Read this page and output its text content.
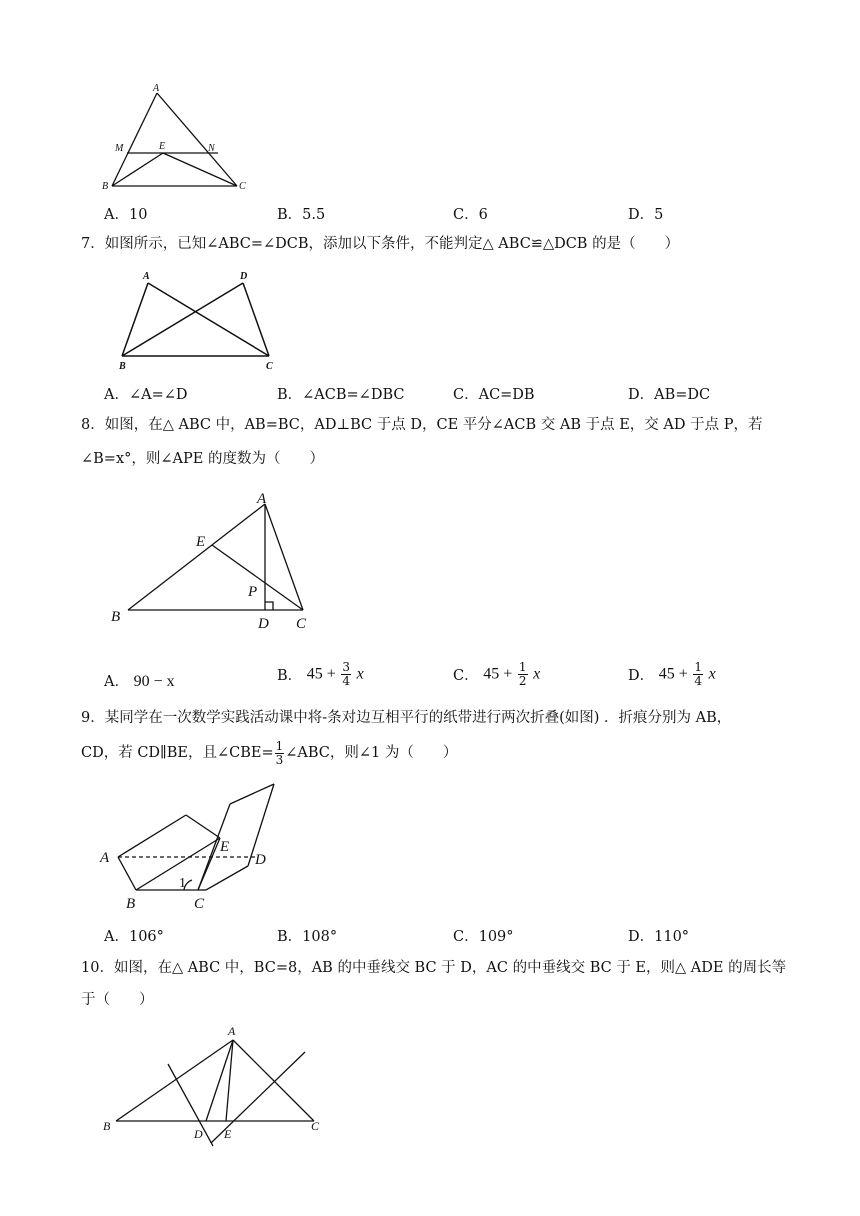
A
M	E	N
B	C
A．10	B．5.5	C．6	D．5
7．如图所示，已知∠ABC=∠DCB，添加以下条件，不能判定△ ABC≌△DCB 的是（　　）
A	D
B	C
A．∠A=∠D	B．∠ACB=∠DBC	C．AC=DB	D．AB=DC
8．如图，在△ ABC 中，AB=BC，AD⊥BC 于点 D，CE 平分∠ACB 交 AB 于点 E，交 AD 于点 P，若
∠B=x°，则∠APE 的度数为（　　）
A
E
P
B	D C
A． 90 − x	B． $45 + \frac{3}{4}$ x	C． $45 + \frac{1}{2}$ x	D． $45 + \frac{1}{4}$ x
9．某同学在一次数学实践活动课中将-条对边互相平行的纸带进行两次折叠(如图) ．折痕分别为 AB，
CD，若 CD∥BE，且∠CBE= $\frac{1}{3}$ ∠ABC，则∠1 为（　　）
A
E
D
1
B	C
A．106°	B．108°	C．109°	D．110°
10．如图，在△ ABC 中，BC=8，AB 的中垂线交 BC 于 D，AC 的中垂线交 BC 于 E，则△ ADE 的周长等
于（　　）
A
B
D E
C
